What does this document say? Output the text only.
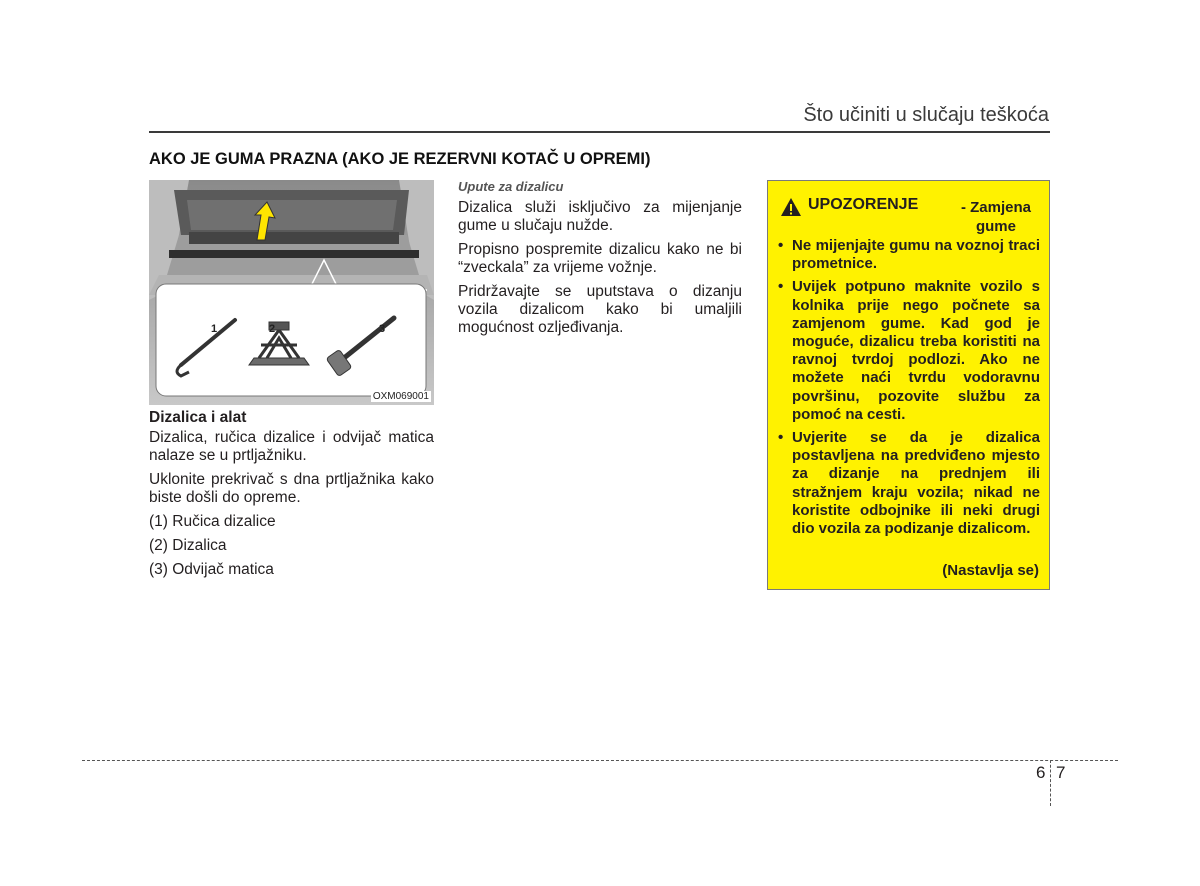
Što učiniti u slučaju teškoća
AKO JE GUMA PRAZNA (AKO JE REZERVNI KOTAČ U OPREMI)
1	2	3
OXM069001

Dizalica i alat

Dizalica, ručica dizalice i odvijač matica nalaze se u prtljažniku.

Uklonite prekrivač s dna prtljažnika kako biste došli do opreme.

(1) Ručica dizalice

(2) Dizalica

(3) Odvijač matica

Upute za dizalicu

Dizalica služi isključivo za mijenjanje gume u slučaju nužde.

Propisno pospremite dizalicu kako ne bi “zveckala” za vrijeme vožnje.

Pridržavajte se uputstava o dizanju vozila dizalicom kako bi umaljili mogućnost ozljeđivanja.

UPOZORENJE	- Zamjena gume
• Ne mijenjajte gumu na voznoj traci prometnice.
• Uvijek potpuno maknite vozilo s kolnika prije nego počnete sa zamjenom gume. Kad god je moguće, dizalicu treba koristiti na ravnoj tvrdoj podlozi. Ako ne možete naći tvrdu vodoravnu površinu, pozovite službu za pomoć na cesti.
• Uvjerite se da je dizalica postavljena na predviđeno mjesto za dizanje na prednjem ili stražnjem kraju vozila; nikad ne koristite odbojnike ili neki drugi dio vozila za podizanje dizalicom.
(Nastavlja se)
6 7
